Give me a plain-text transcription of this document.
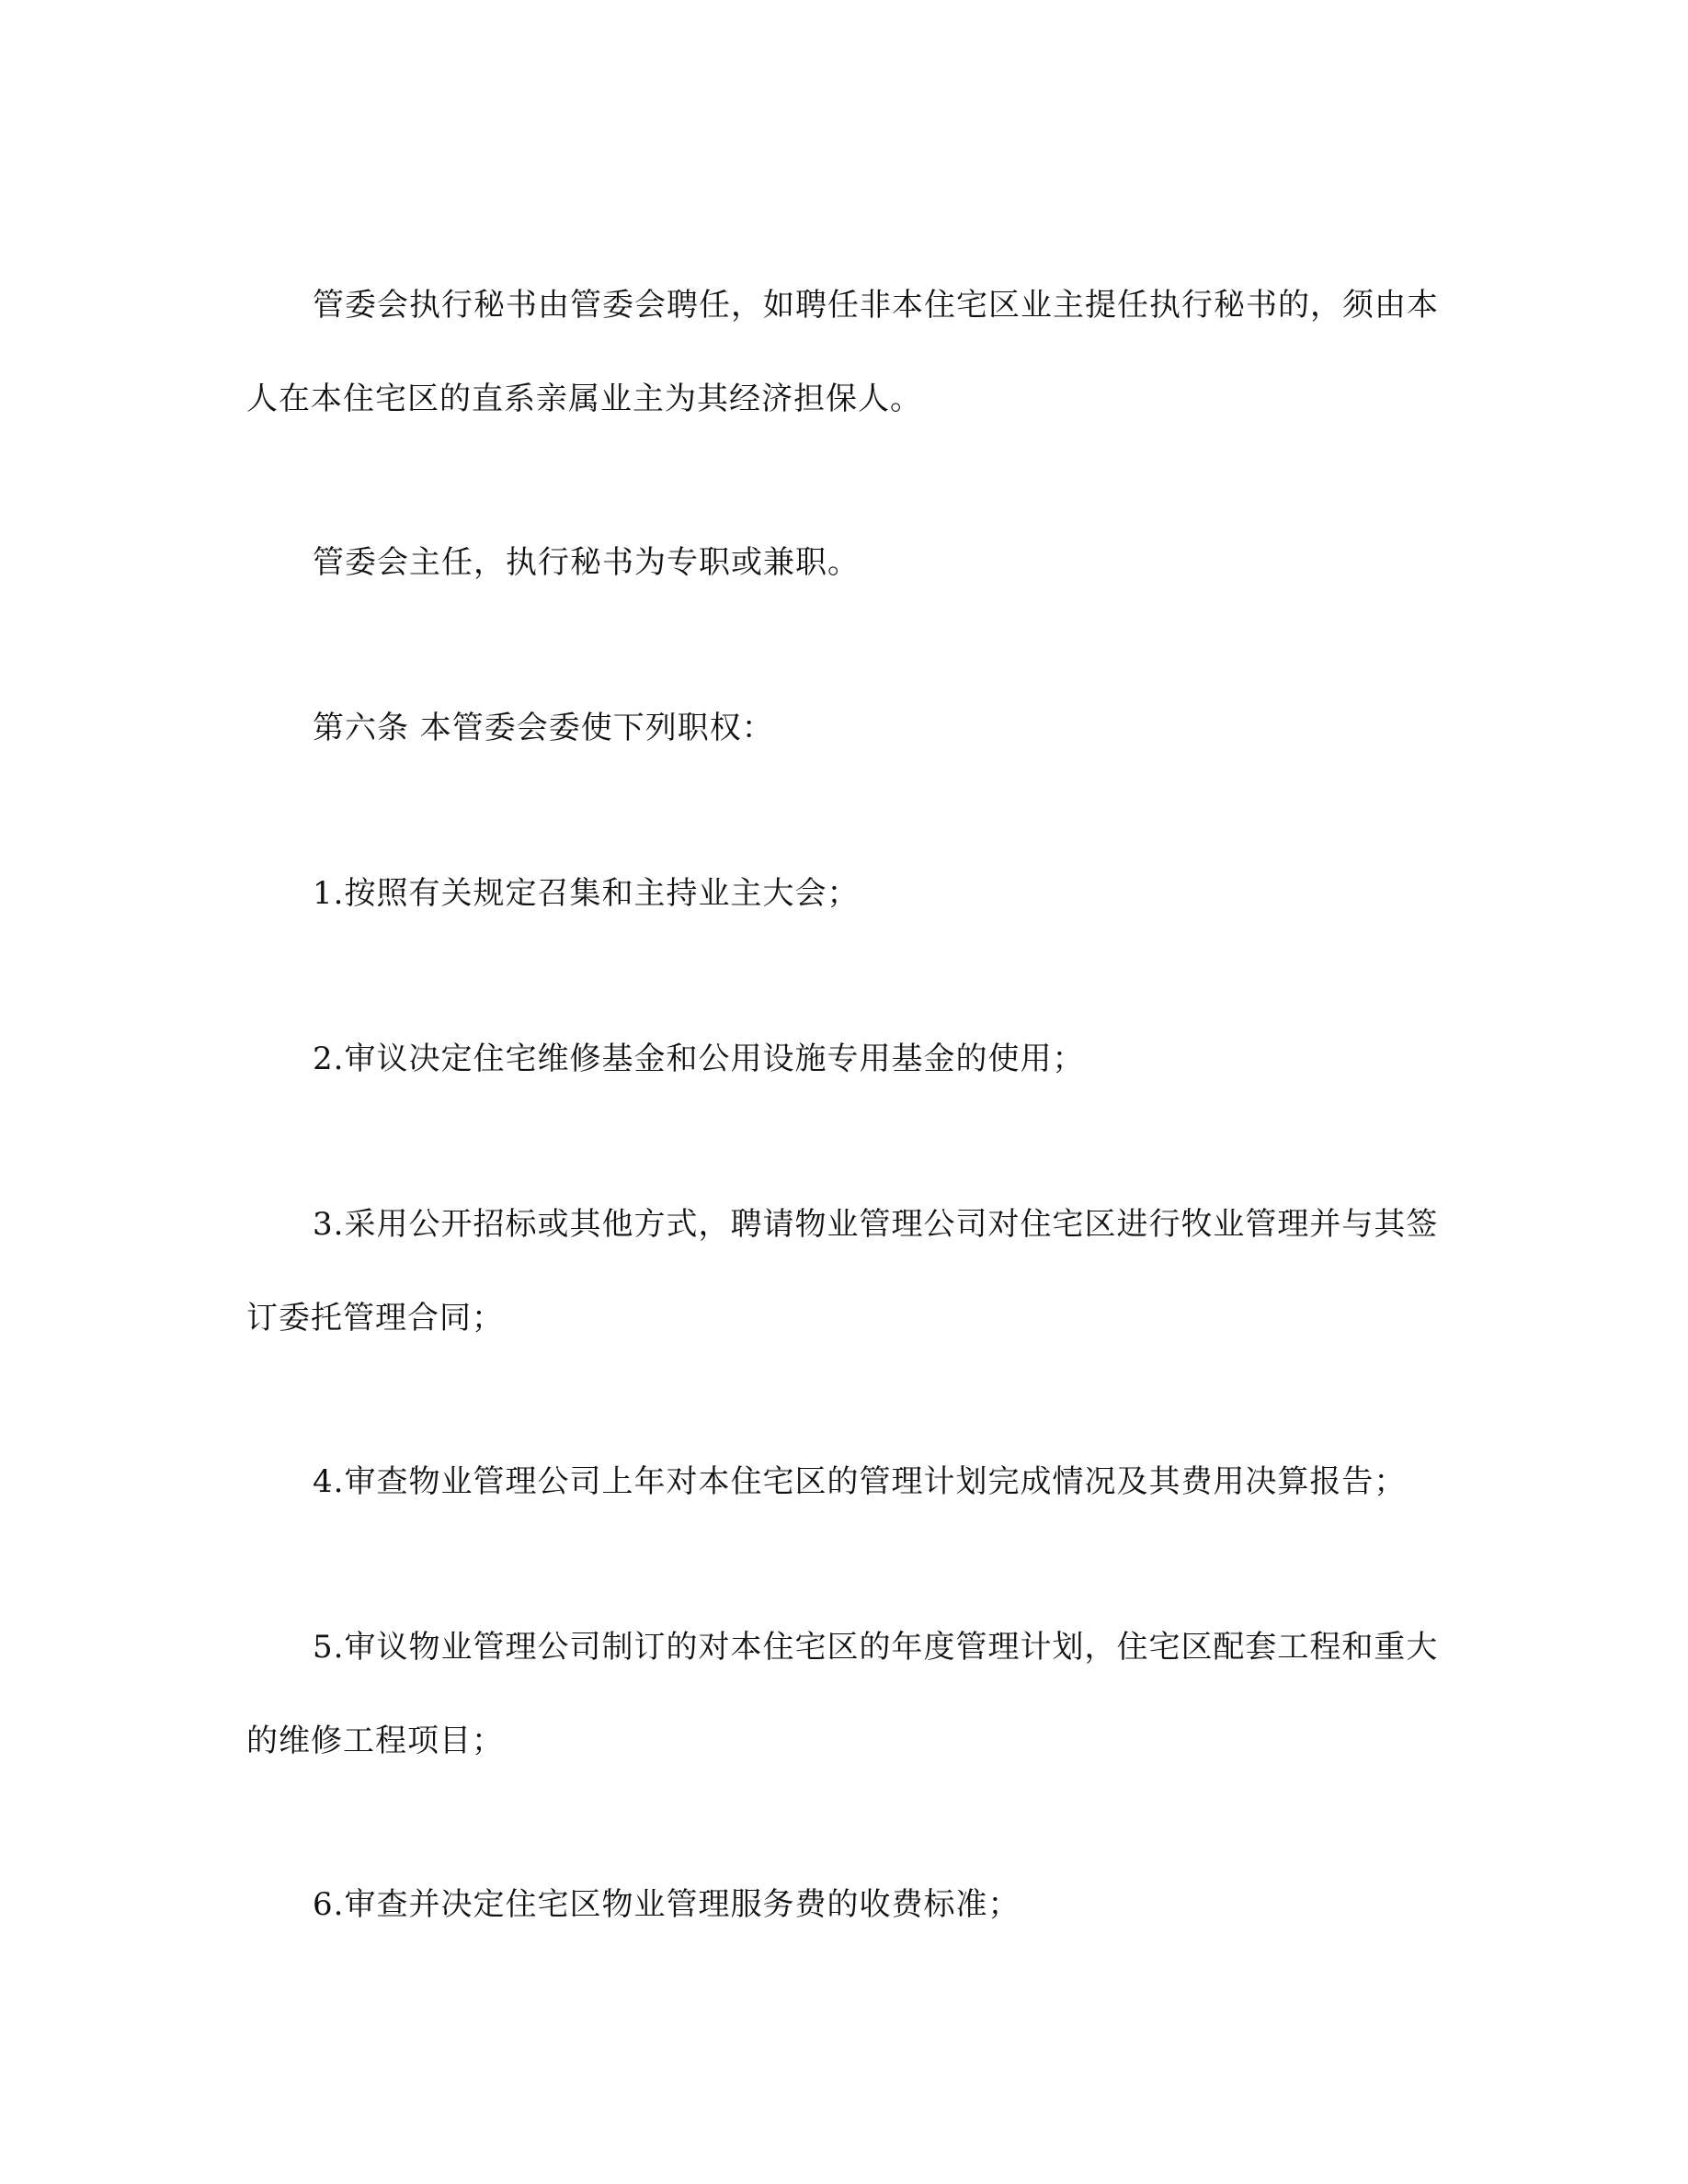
管委会执行秘书由管委会聘任，如聘任非本住宅区业主提任执行秘书的，须由本人在本住宅区的直系亲属业主为其经济担保人。

管委会主任，执行秘书为专职或兼职。

第六条 本管委会委使下列职权：

1.按照有关规定召集和主持业主大会；

2.审议决定住宅维修基金和公用设施专用基金的使用；

3.采用公开招标或其他方式，聘请物业管理公司对住宅区进行牧业管理并与其签订委托管理合同；

4.审查物业管理公司上年对本住宅区的管理计划完成情况及其费用决算报告；

5.审议物业管理公司制订的对本住宅区的年度管理计划，住宅区配套工程和重大的维修工程项目；

6.审查并决定住宅区物业管理服务费的收费标准；
